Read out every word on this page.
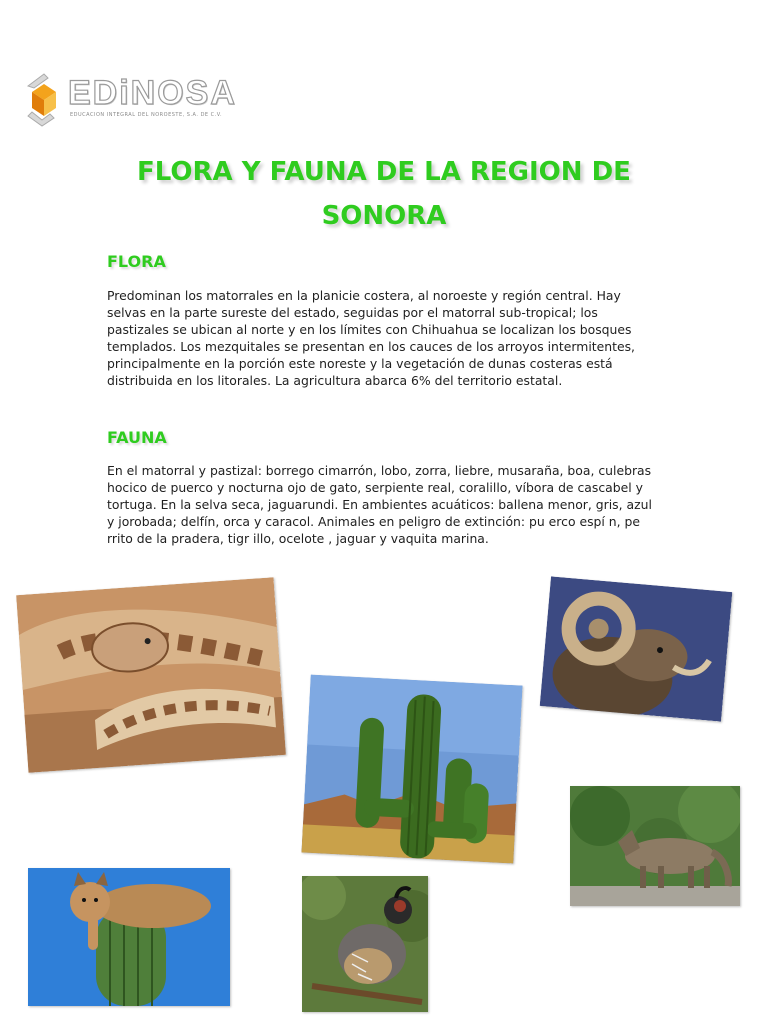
EDiNOSA
EDUCACION INTEGRAL DEL NOROESTE, S.A. DE C.V.
FLORA Y FAUNA DE LA REGION DE
SONORA
FLORA
Predominan los matorrales en la planicie costera, al noroeste y región central. Hay selvas en la parte sureste del estado, seguidas por el matorral sub-tropical; los pastizales se ubican al norte y en los límites con Chihuahua se localizan los bosques templados. Los mezquitales se presentan en los cauces de los arroyos intermitentes, principalmente en la porción este noreste y la vegetación de dunas costeras está distribuida en los litorales. La agricultura abarca 6% del territorio estatal.
FAUNA
En el matorral y pastizal: borrego cimarrón, lobo, zorra, liebre, musaraña, boa, culebras hocico de puerco y nocturna ojo de gato, serpiente real, coralillo, víbora de cascabel y tortuga. En la selva seca, jaguarundi. En ambientes acuáticos: ballena menor, gris, azul y jorobada; delfín, orca y caracol. Animales en peligro de extinción: pu erco espí n, pe rrito de la pradera, tigr illo, ocelote , jaguar y vaquita marina.
